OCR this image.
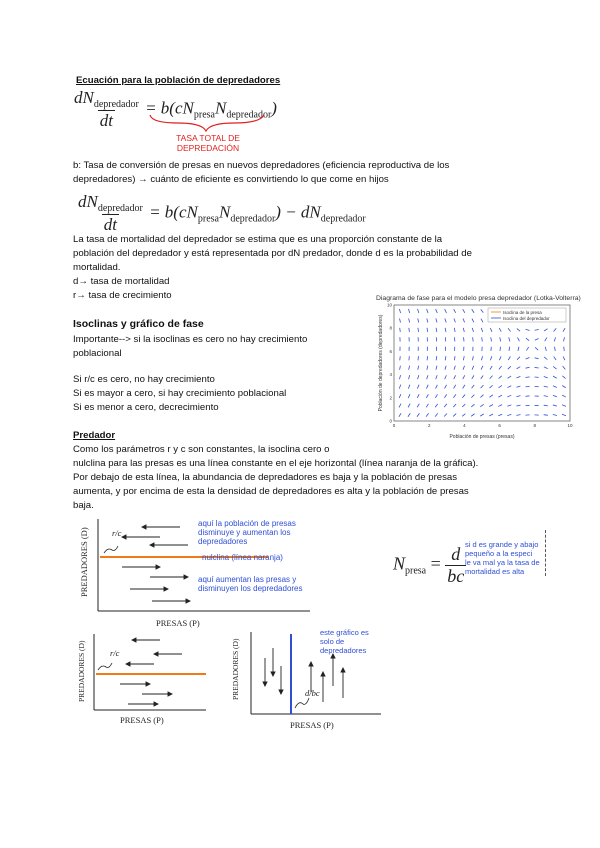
Ecuación para la población de depredadores
$\frac{dN_{depredador}}{dt} = b(cN_{presa}N_{depredador})$
TASA TOTAL DE
DEPREDACIÓN
b: Tasa de conversión de presas en nuevos depredadores (eficiencia reproductiva de los
depredadores) → cuánto de eficiente es convirtiendo lo que come en hijos
$\frac{dN_{depredador}}{dt} = b(cN_{presa}N_{depredador}) - dN_{depredador}$
La tasa de mortalidad del depredador se estima que es una proporción constante de la
población del depredador y está representada por dN predador, donde d es la probabilidad de
mortalidad.
d→ tasa de mortalidad
r→ tasa de crecimiento	Diagrama de fase para el modelo presa depredador (Lotka-Volterra)
Isoclina de la presa
Isoclina del depredador
0	2	4	6	8	10
0
2
4
6
8
10
Población de presas (presas)
Población de depredadores (depredadores)
Isoclinas y gráfico de fase
Importante--> si la isoclinas es cero no hay crecimiento
poblacional
Si r/c es cero, no hay crecimiento
Si es mayor a cero, si hay crecimiento poblacional
Si es menor a cero, decrecimiento
Predador
Como los parámetros r y c son constantes, la isoclina cero o
nulclina para las presas es una línea constante en el eje horizontal (línea naranja de la gráfica).
Por debajo de esta línea, la abundancia de depredadores es baja y la población de presas
aumenta, y por encima de esta la densidad de depredadores es alta y la población de presas
baja.
r/c
PREDADORES (D)
PRESAS (P)
aquí la población de presas
disminuye y aumentan los
depredadores
nulclina (línea naranja)
aquí aumentan las presas y
disminuyen los depredadores
$N_{presa} = \frac{d}{bc}$
si d es grande y abajo
pequeño a la especi
le va mal ya la tasa de
mortalidad es alta
r/c
PREDADORES (D)
PRESAS (P)
d/bc
PREDADORES (D)
PRESAS (P)
este gráfico es
solo de
depredadores
